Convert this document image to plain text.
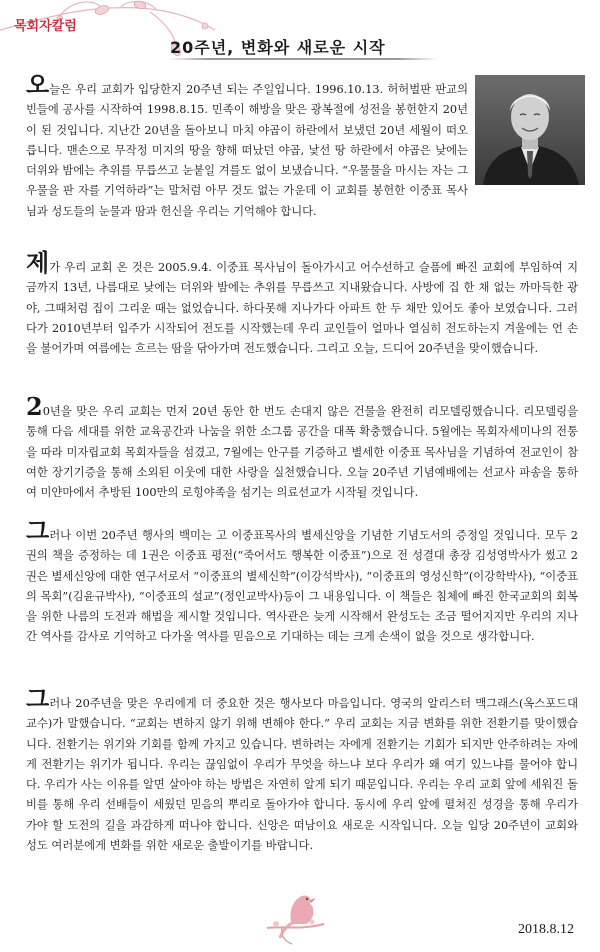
목회자칼럼
20주년, 변화와 새로운 시작

오늘은 우리 교회가 입당한지 20주년 되는 주일입니다. 1996.10.13. 허허벌판 판교의 빈들에 공사를 시작하여 1998.8.15. 민족이 해방을 맞은 광복절에 성전을 봉헌한지 20년이 된 것입니다. 지난간 20년을 돌아보니 마치 야곱이 하란에서 보냈던 20년 세월이 떠오릅니다. 맨손으로 무작정 미지의 땅을 향해 떠났던 야곱, 낯선 땅 하란에서 야곱은 낮에는 더위와 밤에는 추위를 무릅쓰고 눈붙일 겨를도 없이 보냈습니다. “우물물을 마시는 자는 그 우물을 판 자를 기억하라”는 말처럼 아무 것도 없는 가운데 이 교회를 봉헌한 이중표 목사님과 성도들의 눈물과 땀과 헌신을 우리는 기억해야 합니다.

제가 우리 교회 온 것은 2005.9.4. 이중표 목사님이 돌아가시고 어수선하고 슬픔에 빠진 교회에 부임하여 지금까지 13년, 나름대로 낮에는 더위와 밤에는 추위를 무릅쓰고 지내왔습니다. 사방에 집 한 채 없는 까마득한 광야, 그때처럼 집이 그리운 때는 없었습니다. 하다못해 지나가다 아파트 한 두 채만 있어도 좋아 보였습니다. 그러다가 2010년부터 입주가 시작되어 전도를 시작했는데 우리 교인들이 얼마나 열심히 전도하는지 겨울에는 언 손을 불어가며 여름에는 흐르는 땀을 닦아가며 전도했습니다. 그리고 오늘, 드디어 20주년을 맞이했습니다.

20년을 맞은 우리 교회는 먼저 20년 동안 한 번도 손대지 않은 건물을 완전히 리모델링했습니다. 리모델링을 통해 다음 세대를 위한 교육공간과 나눔을 위한 소그룹 공간을 대폭 확충했습니다. 5월에는 목회자세미나의 전통을 따라 미자립교회 목회자들을 섬겼고, 7월에는 안구를 기증하고 별세한 이중표 목사님을 기념하여 전교인이 참여한 장기기증을 통해 소외된 이웃에 대한 사랑을 실천했습니다. 오늘 20주년 기념예배에는 선교사 파송을 통하여 미얀마에서 추방된 100만의 로힝야족을 섬기는 의료선교가 시작될 것입니다.

그러나 이번 20주년 행사의 백미는 고 이중표목사의 별세신앙을 기념한 기념도서의 증정일 것입니다. 모두 2권의 책을 증정하는 데 1권은 이중표 평전(“죽어서도 행복한 이중표”)으로 전 성결대 총장 김성영박사가 썼고 2권은 별세신앙에 대한 연구서로서 “이중표의 별세신학”(이강석박사), “이중표의 영성신학”(이강학박사), “이중표의 목회”(김윤규박사), “이중표의 설교”(정인교박사)등이 그 내용입니다. 이 책들은 침체에 빠진 한국교회의 회복을 위한 나름의 도전과 해법을 제시할 것입니다. 역사관은 늦게 시작해서 완성도는 조금 떨어지지만 우리의 지나간 역사를 감사로 기억하고 다가올 역사를 믿음으로 기대하는 데는 크게 손색이 없을 것으로 생각합니다.

그러나 20주년을 맞은 우리에게 더 중요한 것은 행사보다 마음입니다. 영국의 알리스터 맥그래스(옥스포드대 교수)가 말했습니다. “교회는 변하지 않기 위해 변해야 한다.” 우리 교회는 지금 변화를 위한 전환기를 맞이했습니다. 전환기는 위기와 기회를 함께 가지고 있습니다. 변하려는 자에게 전환기는 기회가 되지만 안주하려는 자에게 전환기는 위기가 됩니다. 우리는 끊임없이 우리가 무엇을 하느냐 보다 우리가 왜 여기 있느냐를 물어야 합니다. 우리가 사는 이유를 알면 살아야 하는 방법은 자연히 알게 되기 때문입니다. 우리는 우리 교회 앞에 세워진 돌비를 통해 우리 선배들이 세웠던 믿음의 뿌리로 돌아가야 합니다. 동시에 우리 앞에 펼쳐진 성경을 통해 우리가 가야 할 도전의 길을 과감하게 떠나야 합니다. 신앙은 떠남이요 새로운 시작입니다. 오늘 입당 20주년이 교회와 성도 여러분에게 변화를 위한 새로운 출발이기를 바랍니다.

2018.8.12
